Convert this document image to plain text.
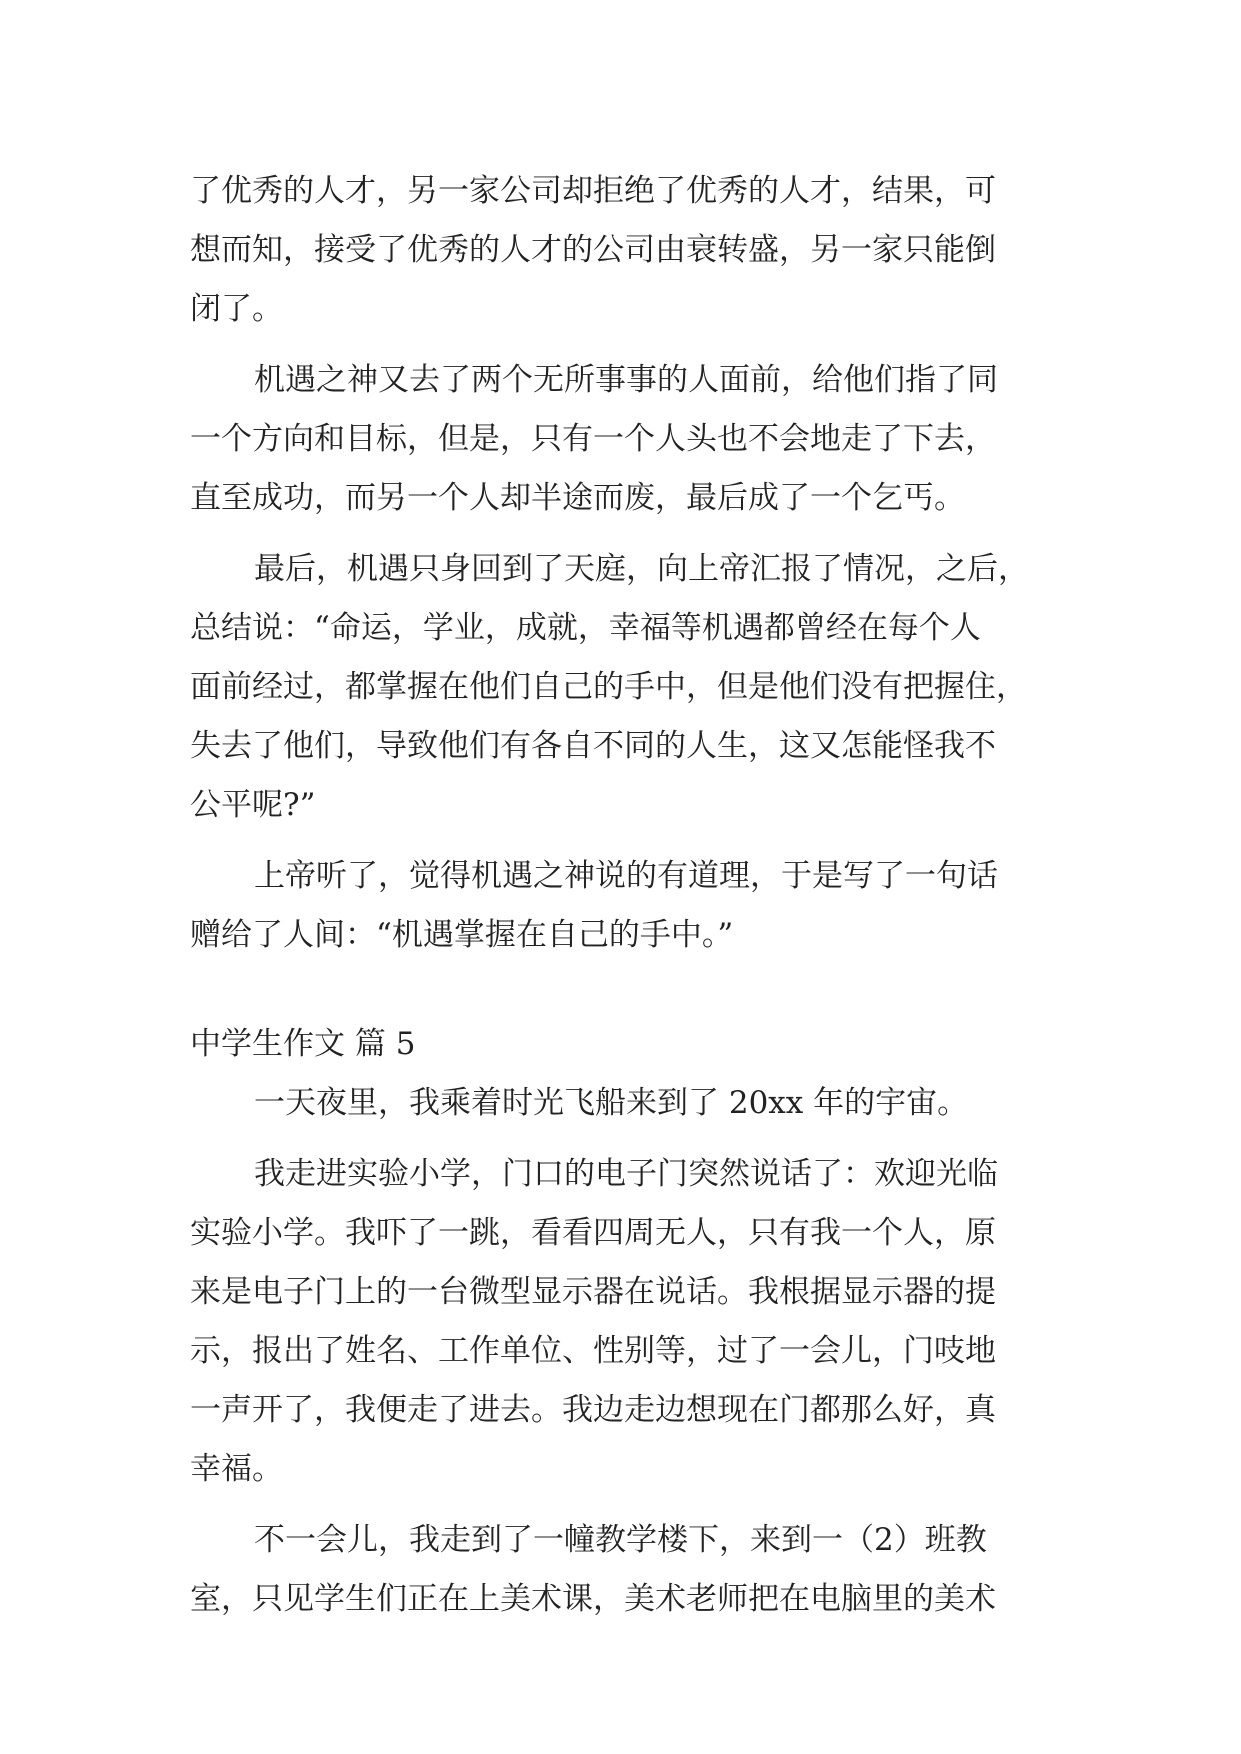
了优秀的人才，另一家公司却拒绝了优秀的人才，结果，可
想而知，接受了优秀的人才的公司由衰转盛，另一家只能倒
闭了。
机遇之神又去了两个无所事事的人面前，给他们指了同
一个方向和目标，但是，只有一个人头也不会地走了下去，
直至成功，而另一个人却半途而废，最后成了一个乞丐。
最后，机遇只身回到了天庭，向上帝汇报了情况，之后，
总结说：“命运，学业，成就，幸福等机遇都曾经在每个人
面前经过，都掌握在他们自己的手中，但是他们没有把握住，
失去了他们，导致他们有各自不同的人生，这又怎能怪我不
公平呢?”
上帝听了，觉得机遇之神说的有道理，于是写了一句话
赠给了人间：“机遇掌握在自己的手中。”
中学生作文 篇 5
一天夜里，我乘着时光飞船来到了 20xx 年的宇宙。
我走进实验小学，门口的电子门突然说话了：欢迎光临
实验小学。我吓了一跳，看看四周无人，只有我一个人，原
来是电子门上的一台微型显示器在说话。我根据显示器的提
示，报出了姓名、工作单位、性别等，过了一会儿，门吱地
一声开了，我便走了进去。我边走边想现在门都那么好，真
幸福。
不一会儿，我走到了一幢教学楼下，来到一（2）班教
室，只见学生们正在上美术课，美术老师把在电脑里的美术
